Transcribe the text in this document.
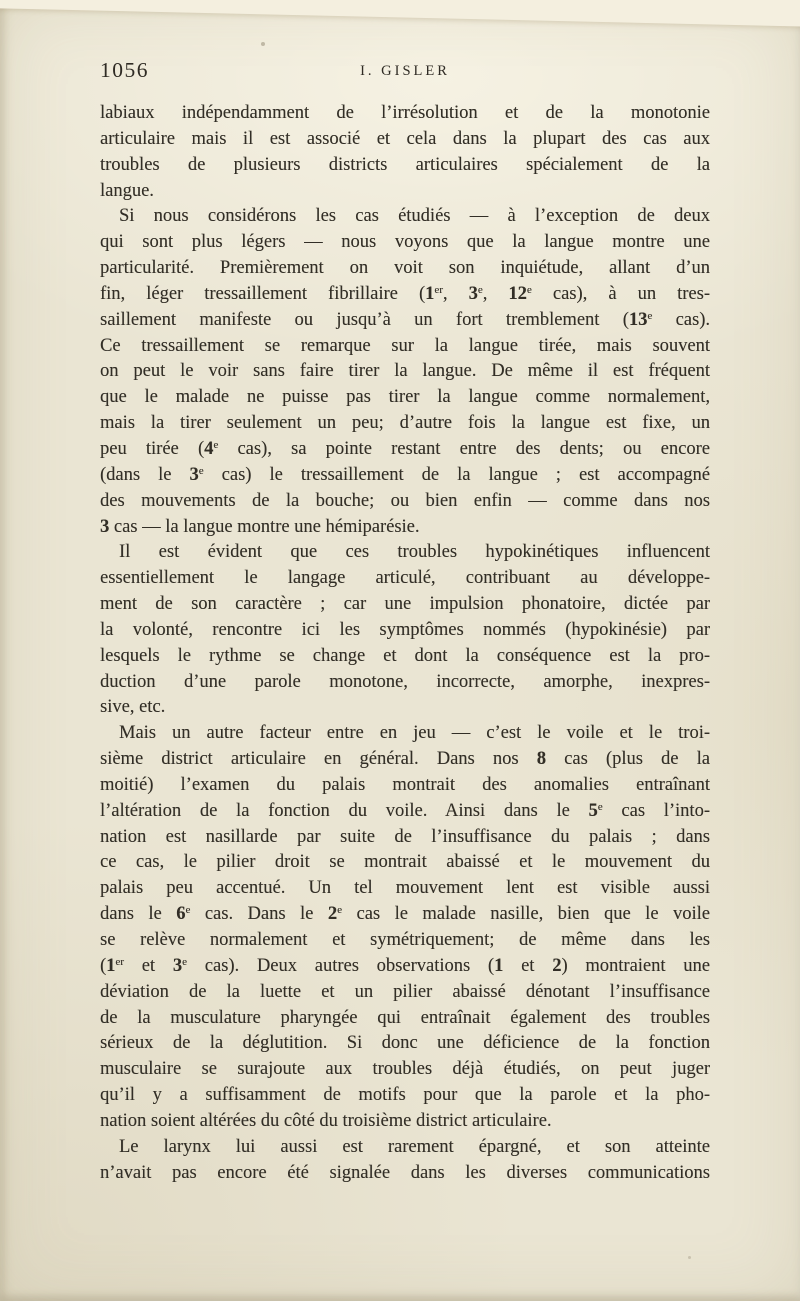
1056	I. GISLER
labiaux indépendamment de l’irrésolution et de la monotonie
articulaire mais il est associé et cela dans la plupart des cas aux
troubles de plusieurs districts articulaires spécialement de la
langue.
Si nous considérons les cas étudiés — à l’exception de deux
qui sont plus légers — nous voyons que la langue montre une
particularité. Premièrement on voit son inquiétude, allant d’un
fin, léger tressaillement fibrillaire (1er, 3e, 12e cas), à un tres-
saillement manifeste ou jusqu’à un fort tremblement (13e cas).
Ce tressaillement se remarque sur la langue tirée, mais souvent
on peut le voir sans faire tirer la langue. De même il est fréquent
que le malade ne puisse pas tirer la langue comme normalement,
mais la tirer seulement un peu; d’autre fois la langue est fixe, un
peu tirée (4e cas), sa pointe restant entre des dents; ou encore
(dans le 3e cas) le tressaillement de la langue ; est accompagné
des mouvements de la bouche; ou bien enfin — comme dans nos
3 cas — la langue montre une hémiparésie.
Il est évident que ces troubles hypokinétiques influencent
essentiellement le langage articulé, contribuant au développe-
ment de son caractère ; car une impulsion phonatoire, dictée par
la volonté, rencontre ici les symptômes nommés (hypokinésie) par
lesquels le rythme se change et dont la conséquence est la pro-
duction d’une parole monotone, incorrecte, amorphe, inexpres-
sive, etc.
Mais un autre facteur entre en jeu — c’est le voile et le troi-
sième district articulaire en général. Dans nos 8 cas (plus de la
moitié) l’examen du palais montrait des anomalies entraînant
l’altération de la fonction du voile. Ainsi dans le 5e cas l’into-
nation est nasillarde par suite de l’insuffisance du palais ; dans
ce cas, le pilier droit se montrait abaissé et le mouvement du
palais peu accentué. Un tel mouvement lent est visible aussi
dans le 6e cas. Dans le 2e cas le malade nasille, bien que le voile
se relève normalement et symétriquement; de même dans les
(1er et 3e cas). Deux autres observations (1 et 2) montraient une
déviation de la luette et un pilier abaissé dénotant l’insuffisance
de la musculature pharyngée qui entraînait également des troubles
sérieux de la déglutition. Si donc une déficience de la fonction
musculaire se surajoute aux troubles déjà étudiés, on peut juger
qu’il y a suffisamment de motifs pour que la parole et la pho-
nation soient altérées du côté du troisième district articulaire.
Le larynx lui aussi est rarement épargné, et son atteinte
n’avait pas encore été signalée dans les diverses communications
